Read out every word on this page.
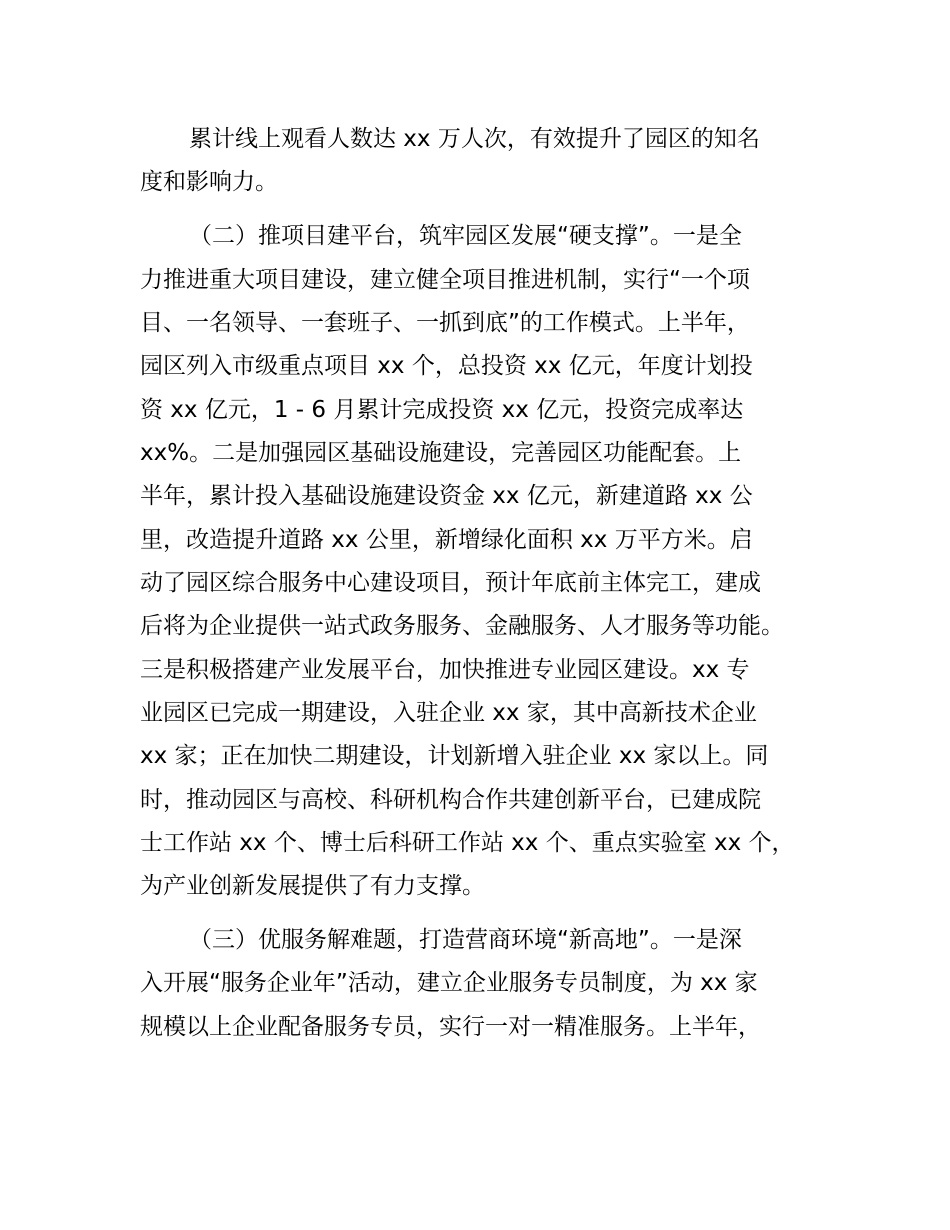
累计线上观看人数达 xx 万人次，有效提升了园区的知名
度和影响力。
（二）推项目建平台，筑牢园区发展“硬支撑”。一是全
力推进重大项目建设，建立健全项目推进机制，实行“一个项
目、一名领导、一套班子、一抓到底”的工作模式。上半年，
园区列入市级重点项目 xx 个，总投资 xx 亿元，年度计划投
资 xx 亿元，1 - 6 月累计完成投资 xx 亿元，投资完成率达
xx%。二是加强园区基础设施建设，完善园区功能配套。上
半年，累计投入基础设施建设资金 xx 亿元，新建道路 xx 公
里，改造提升道路 xx 公里，新增绿化面积 xx 万平方米。启
动了园区综合服务中心建设项目，预计年底前主体完工，建成
后将为企业提供一站式政务服务、金融服务、人才服务等功能。
三是积极搭建产业发展平台，加快推进专业园区建设。xx 专
业园区已完成一期建设，入驻企业 xx 家，其中高新技术企业
xx 家；正在加快二期建设，计划新增入驻企业 xx 家以上。同
时，推动园区与高校、科研机构合作共建创新平台，已建成院
士工作站 xx 个、博士后科研工作站 xx 个、重点实验室 xx 个，
为产业创新发展提供了有力支撑。
（三）优服务解难题，打造营商环境“新高地”。一是深
入开展“服务企业年”活动，建立企业服务专员制度，为 xx 家
规模以上企业配备服务专员，实行一对一精准服务。上半年，
